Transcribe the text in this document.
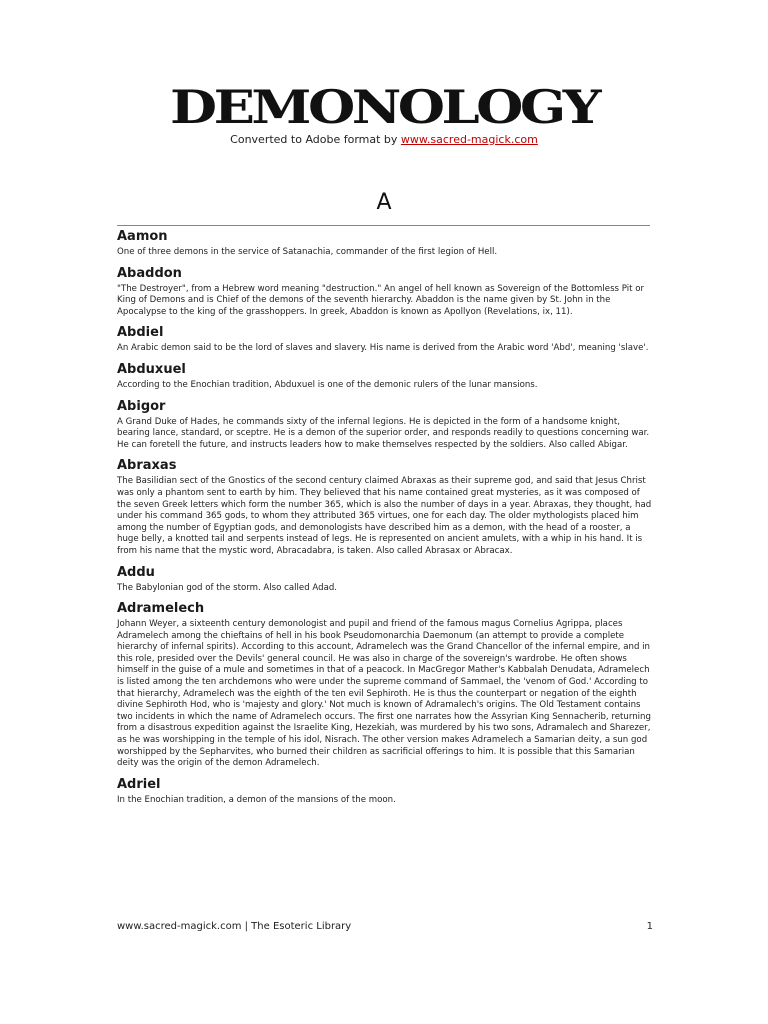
DEMONOLOGY
Converted to Adobe format by www.sacred-magick.com
A
Aamon

One of three demons in the service of Satanachia, commander of the first legion of Hell.

Abaddon

"The Destroyer", from a Hebrew word meaning "destruction." An angel of hell known as Sovereign of the Bottomless Pit or King of Demons and is Chief of the demons of the seventh hierarchy. Abaddon is the name given by St. John in the Apocalypse to the king of the grasshoppers. In greek, Abaddon is known as Apollyon (Revelations, ix, 11).

Abdiel

An Arabic demon said to be the lord of slaves and slavery. His name is derived from the Arabic word 'Abd', meaning 'slave'.

Abduxuel

According to the Enochian tradition, Abduxuel is one of the demonic rulers of the lunar mansions.

Abigor

A Grand Duke of Hades, he commands sixty of the infernal legions. He is depicted in the form of a handsome knight, bearing lance, standard, or sceptre. He is a demon of the superior order, and responds readily to questions concerning war. He can foretell the future, and instructs leaders how to make themselves respected by the soldiers. Also called Abigar.

Abraxas

The Basilidian sect of the Gnostics of the second century claimed Abraxas as their supreme god, and said that Jesus Christ was only a phantom sent to earth by him. They believed that his name contained great mysteries, as it was composed of the seven Greek letters which form the number 365, which is also the number of days in a year. Abraxas, they thought, had under his command 365 gods, to whom they attributed 365 virtues, one for each day. The older mythologists placed him among the number of Egyptian gods, and demonologists have described him as a demon, with the head of a rooster, a huge belly, a knotted tail and serpents instead of legs. He is represented on ancient amulets, with a whip in his hand. It is from his name that the mystic word, Abracadabra, is taken. Also called Abrasax or Abracax.

Addu

The Babylonian god of the storm. Also called Adad.

Adramelech

Johann Weyer, a sixteenth century demonologist and pupil and friend of the famous magus Cornelius Agrippa, places Adramelech among the chieftains of hell in his book Pseudomonarchia Daemonum (an attempt to provide a complete hierarchy of infernal spirits). According to this account, Adramelech was the Grand Chancellor of the infernal empire, and in this role, presided over the Devils' general council. He was also in charge of the sovereign's wardrobe. He often shows himself in the guise of a mule and sometimes in that of a peacock. In MacGregor Mather's Kabbalah Denudata, Adramelech is listed among the ten archdemons who were under the supreme command of Sammael, the 'venom of God.' According to that hierarchy, Adramelech was the eighth of the ten evil Sephiroth. He is thus the counterpart or negation of the eighth divine Sephiroth Hod, who is 'majesty and glory.' Not much is known of Adramalech's origins. The Old Testament contains two incidents in which the name of Adramelech occurs. The first one narrates how the Assyrian King Sennacherib, returning from a disastrous expedition against the Israelite King, Hezekiah, was murdered by his two sons, Adramalech and Sharezer, as he was worshipping in the temple of his idol, Nisrach. The other version makes Adramelech a Samarian deity, a sun god worshipped by the Sepharvites, who burned their children as sacrificial offerings to him. It is possible that this Samarian deity was the origin of the demon Adramelech.

Adriel

In the Enochian tradition, a demon of the mansions of the moon.

www.sacred-magick.com | The Esoteric Library	1
